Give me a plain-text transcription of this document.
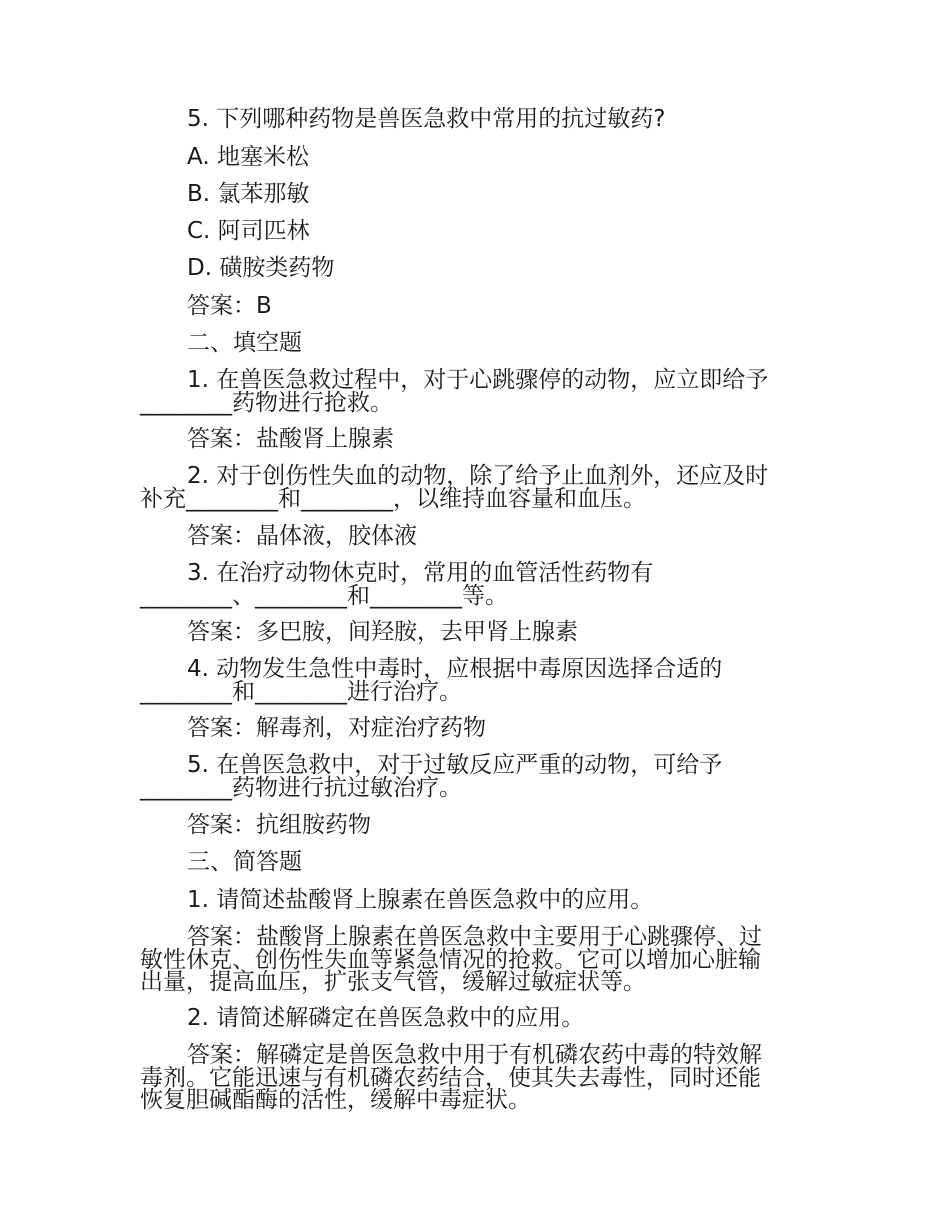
5. 下列哪种药物是兽医急救中常用的抗过敏药?
A. 地塞米松
B. 氯苯那敏
C. 阿司匹林
D. 磺胺类药物
答案：B
二、填空题
1. 在兽医急救过程中，对于心跳骤停的动物，应立即给予
________药物进行抢救。
答案：盐酸肾上腺素
2. 对于创伤性失血的动物，除了给予止血剂外，还应及时
补充________和________，以维持血容量和血压。
答案：晶体液，胶体液
3. 在治疗动物休克时，常用的血管活性药物有
________、________和________等。
答案：多巴胺，间羟胺，去甲肾上腺素
4. 动物发生急性中毒时，应根据中毒原因选择合适的
________和________进行治疗。
答案：解毒剂，对症治疗药物
5. 在兽医急救中，对于过敏反应严重的动物，可给予
________药物进行抗过敏治疗。
答案：抗组胺药物
三、简答题
1. 请简述盐酸肾上腺素在兽医急救中的应用。
答案：盐酸肾上腺素在兽医急救中主要用于心跳骤停、过
敏性休克、创伤性失血等紧急情况的抢救。它可以增加心脏输
出量，提高血压，扩张支气管，缓解过敏症状等。
2. 请简述解磷定在兽医急救中的应用。
答案：解磷定是兽医急救中用于有机磷农药中毒的特效解
毒剂。它能迅速与有机磷农药结合，使其失去毒性，同时还能
恢复胆碱酯酶的活性，缓解中毒症状。
